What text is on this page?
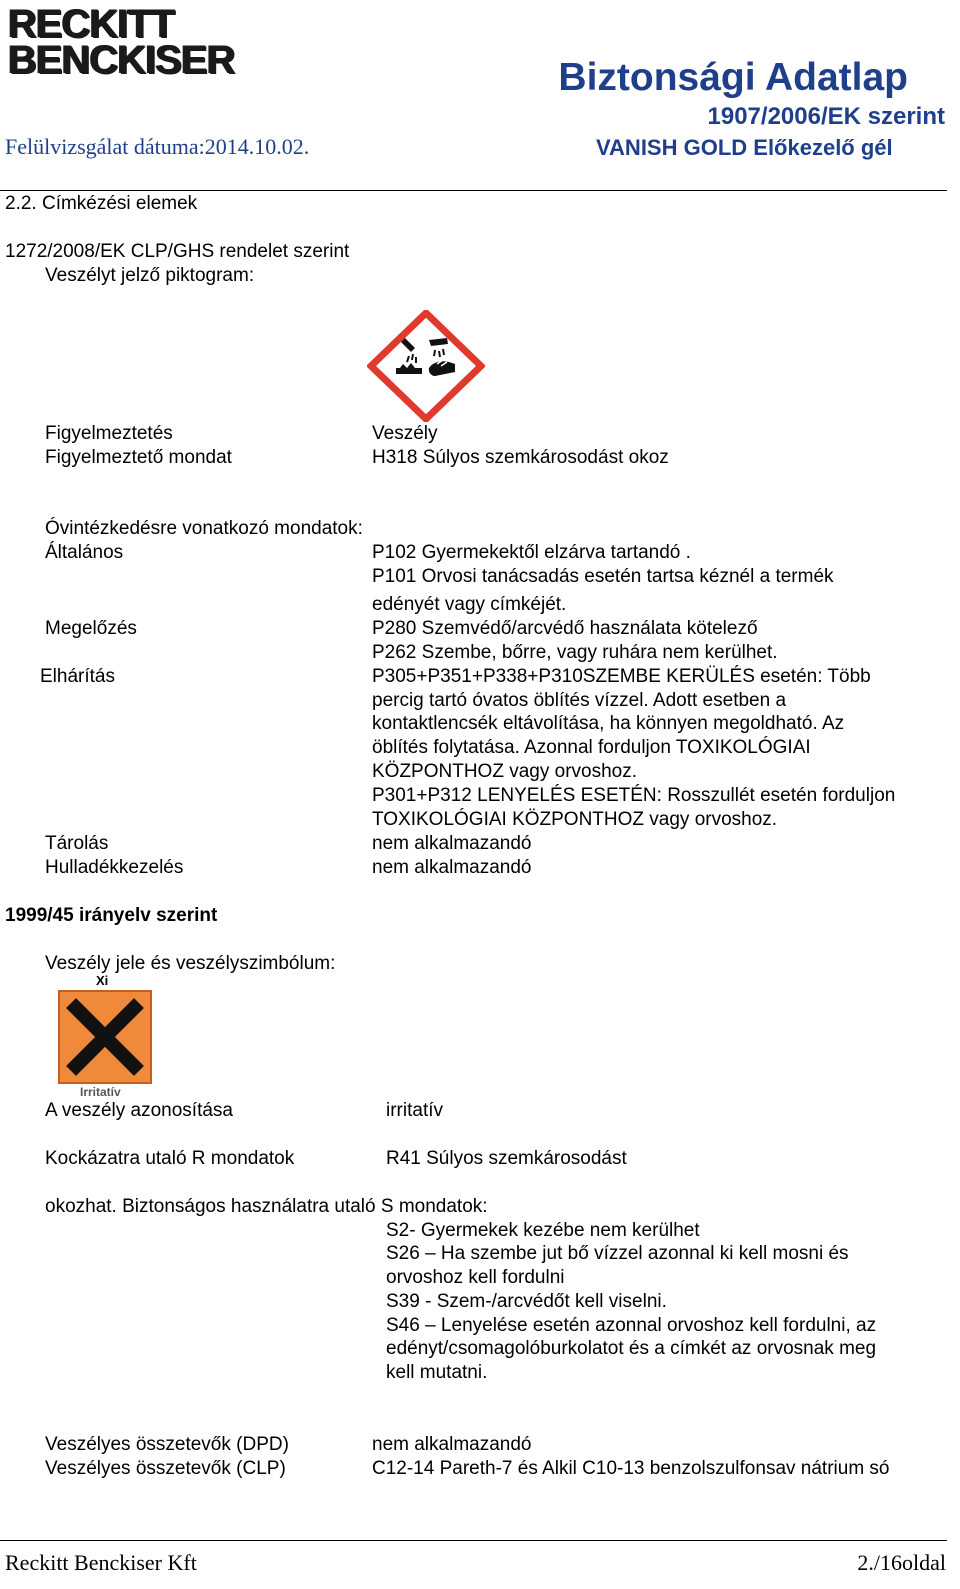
RECKITT
BENCKISER	Biztonsági Adatlap
1907/2006/EK szerint
Felülvizsgálat dátuma:2014.10.02.	VANISH GOLD Előkezelő gél
2.2. Címkézési elemek
1272/2008/EK CLP/GHS rendelet szerint
Veszélyt jelző piktogram:
Figyelmeztetés	Veszély
Figyelmeztető mondat	H318 Súlyos szemkárosodást okoz
Óvintézkedésre vonatkozó mondatok:
Általános	P102 Gyermekektől elzárva tartandó .
P101 Orvosi tanácsadás esetén tartsa kéznél a termék
edényét vagy címkéjét.
Megelőzés	P280 Szemvédő/arcvédő használata kötelező
P262 Szembe, bőrre, vagy ruhára nem kerülhet.
Elhárítás	P305+P351+P338+P310SZEMBE KERÜLÉS esetén: Több
percig tartó óvatos öblítés vízzel. Adott esetben a
kontaktlencsék eltávolítása, ha könnyen megoldható. Az
öblítés folytatása. Azonnal forduljon TOXIKOLÓGIAI
KÖZPONTHOZ vagy orvoshoz.
P301+P312 LENYELÉS ESETÉN: Rosszullét esetén forduljon
TOXIKOLÓGIAI KÖZPONTHOZ vagy orvoshoz.
Tárolás	nem alkalmazandó
Hulladékkezelés	nem alkalmazandó
1999/45 irányelv szerint
Veszély jele és veszélyszimbólum:
Xi
Irritatív
A veszély azonosítása	irritatív
Kockázatra utaló R mondatok	R41 Súlyos szemkárosodást
okozhat. Biztonságos használatra utaló S mondatok:
S2- Gyermekek kezébe nem kerülhet
S26 – Ha szembe jut bő vízzel azonnal ki kell mosni és
orvoshoz kell fordulni
S39 - Szem-/arcvédőt kell viselni.
S46 – Lenyelése esetén azonnal orvoshoz kell fordulni, az
edényt/csomagolóburkolatot és a címkét az orvosnak meg
kell mutatni.
Veszélyes összetevők (DPD)	nem alkalmazandó
Veszélyes összetevők (CLP)	C12-14 Pareth-7 és Alkil C10-13 benzolszulfonsav nátrium só
Reckitt Benckiser Kft	2./16oldal
